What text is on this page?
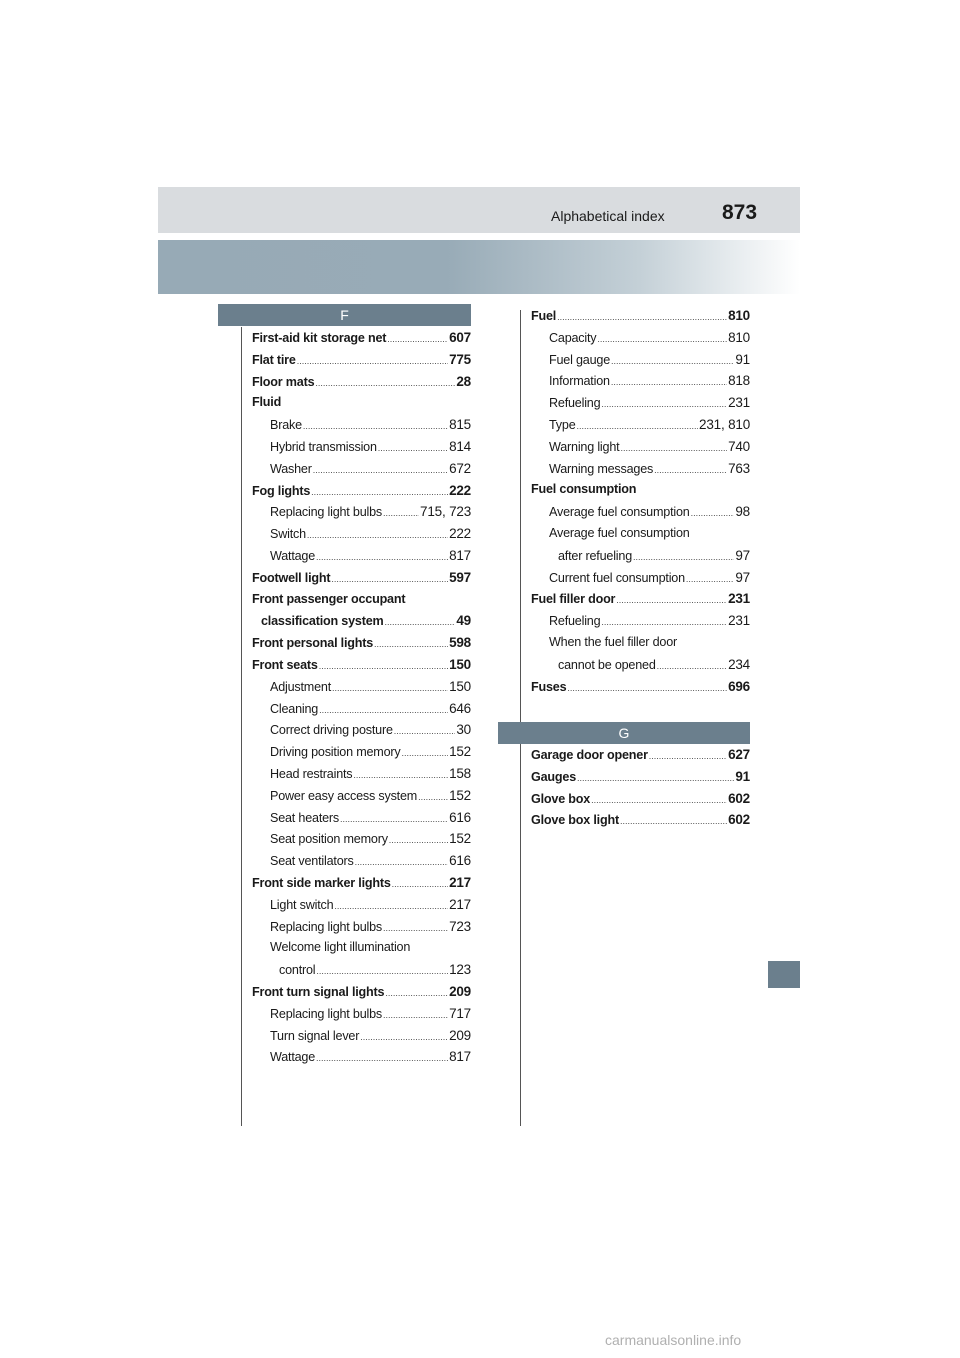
Alphabetical index	873
F
G
First-aid kit storage net .....	607
Flat tire .....	775
Floor mats .....	28
Fluid
Brake .....	815
Hybrid transmission .....	814
Washer .....	672
Fog lights .....	222
Replacing light bulbs .....	715, 723
Switch .....	222
Wattage .....	817
Footwell light .....	597
Front passenger occupant
classification system .....	49
Front personal lights .....	598
Front seats .....	150
Adjustment .....	150
Cleaning .....	646
Correct driving posture .....	30
Driving position memory .....	152
Head restraints .....	158
Power easy access system ..... 152
Seat heaters .....	616
Seat position memory .....	152
Seat ventilators .....	616
Front side marker lights .....	217
Light switch .....	217
Replacing light bulbs .....	723
Welcome light illumination
control .....	123
Front turn signal lights .....	209
Replacing light bulbs .....	717
Turn signal lever .....	209
Wattage .....	817
Fuel .....	810
Capacity .....	810
Fuel gauge .....	91
Information .....	818
Refueling .....	231
Type .....	231, 810
Warning light .....	740
Warning messages .....	763
Fuel consumption
Average fuel consumption .....	98
Average fuel consumption
after refueling .....	97
Current fuel consumption .....	97
Fuel filler door .....	231
Refueling .....	231
When the fuel filler door
cannot be opened .....	234
Fuses .....	696
Garage door opener .....	627
Gauges .....	91
Glove box .....	602
Glove box light .....	602
carmanualsonline.info
